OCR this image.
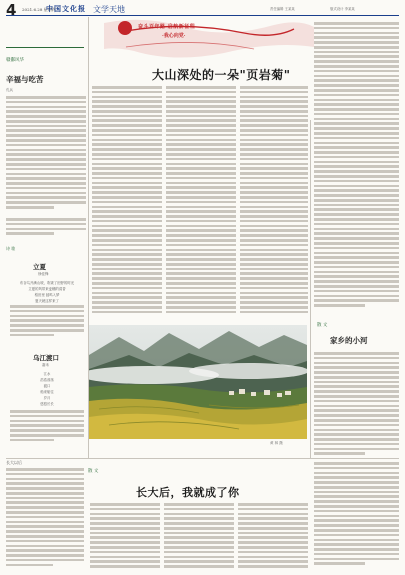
4 2021.6.28 星期四
中国文化报 文学天地	责任编辑 王某某	版式设计 李某某
赣鄱风华
辛福与吃苦
孔兵
诗 歌
立夏
徐佳锋
布谷鸟开满山坡，吹皱了田野的时光
立夏的风带来麦穗的清香
稻田里 蛙鸣入梦
夏天就这样来了
乌江渡口
嘉禾
江水
浩浩荡荡
渡口
船来船往
岁月
悠悠长长
奋斗百年路 启航新征程
·我心向党·
大山深处的一朵"页岩菊"
黄 林 摄
散 文
家乡的小河
长大以后
散 文
长大后，我就成了你
